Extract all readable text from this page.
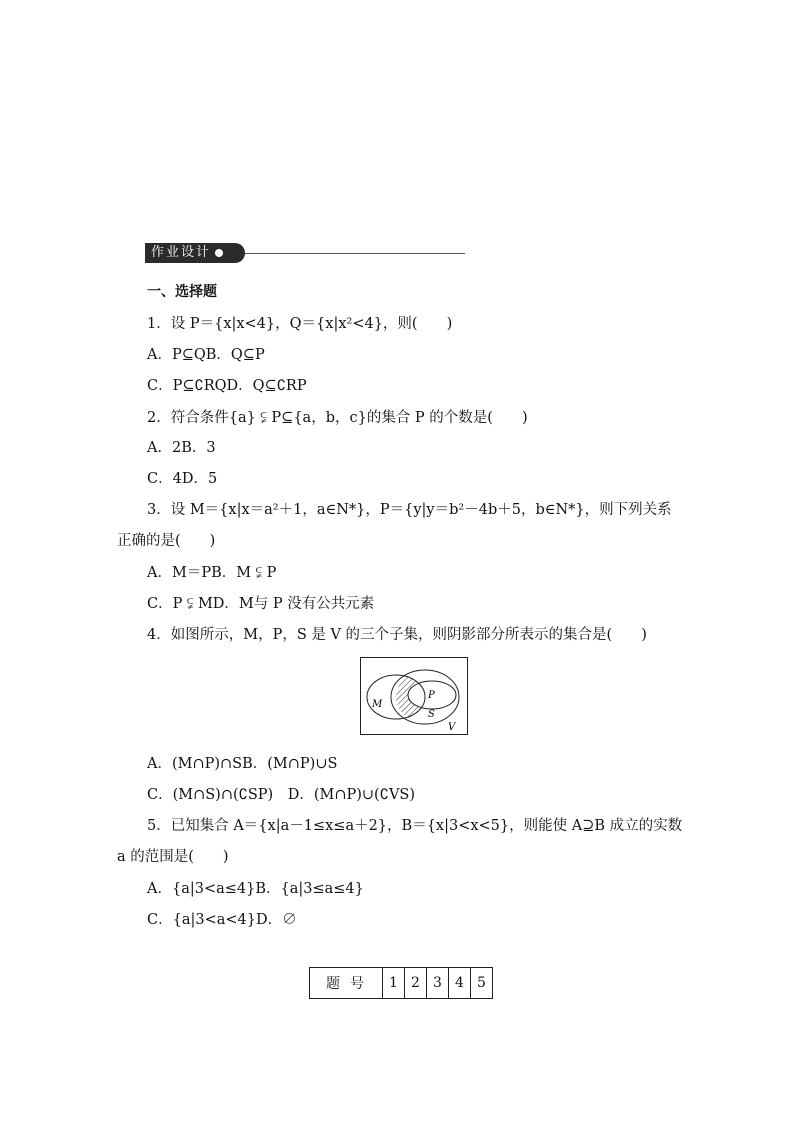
作业设计
一、选择题
1．设 P＝{x|x<4}，Q＝{x|x²<4}，则(　　)
A．P⊆QB．Q⊆P
C．P⊆∁RQD．Q⊆∁RP
2．符合条件{a} ⫋ P⊆{a，b，c}的集合 P 的个数是(　　)
A．2B．3
C．4D．5
3．设 M＝{x|x＝a²＋1，a∈N*}，P＝{y|y＝b²－4b＋5，b∈N*}，则下列关系
正确的是(　　)
A．M＝PB．M ⫋ P
C．P ⫋ MD．M与 P 没有公共元素
4．如图所示，M，P，S 是 V 的三个子集，则阴影部分所表示的集合是(　　)
M
P
S
V
A．(M∩P)∩SB．(M∩P)∪S
C．(M∩S)∩(∁SP)　D．(M∩P)∪(∁VS)
5．已知集合 A＝{x|a－1≤x≤a＋2}，B＝{x|3<x<5}，则能使 A⊇B 成立的实数
a 的范围是(　　)
A．{a|3<a≤4}B．{a|3≤a≤4}
C．{a|3<a<4}D．∅
题号	1	2	3	4	5
